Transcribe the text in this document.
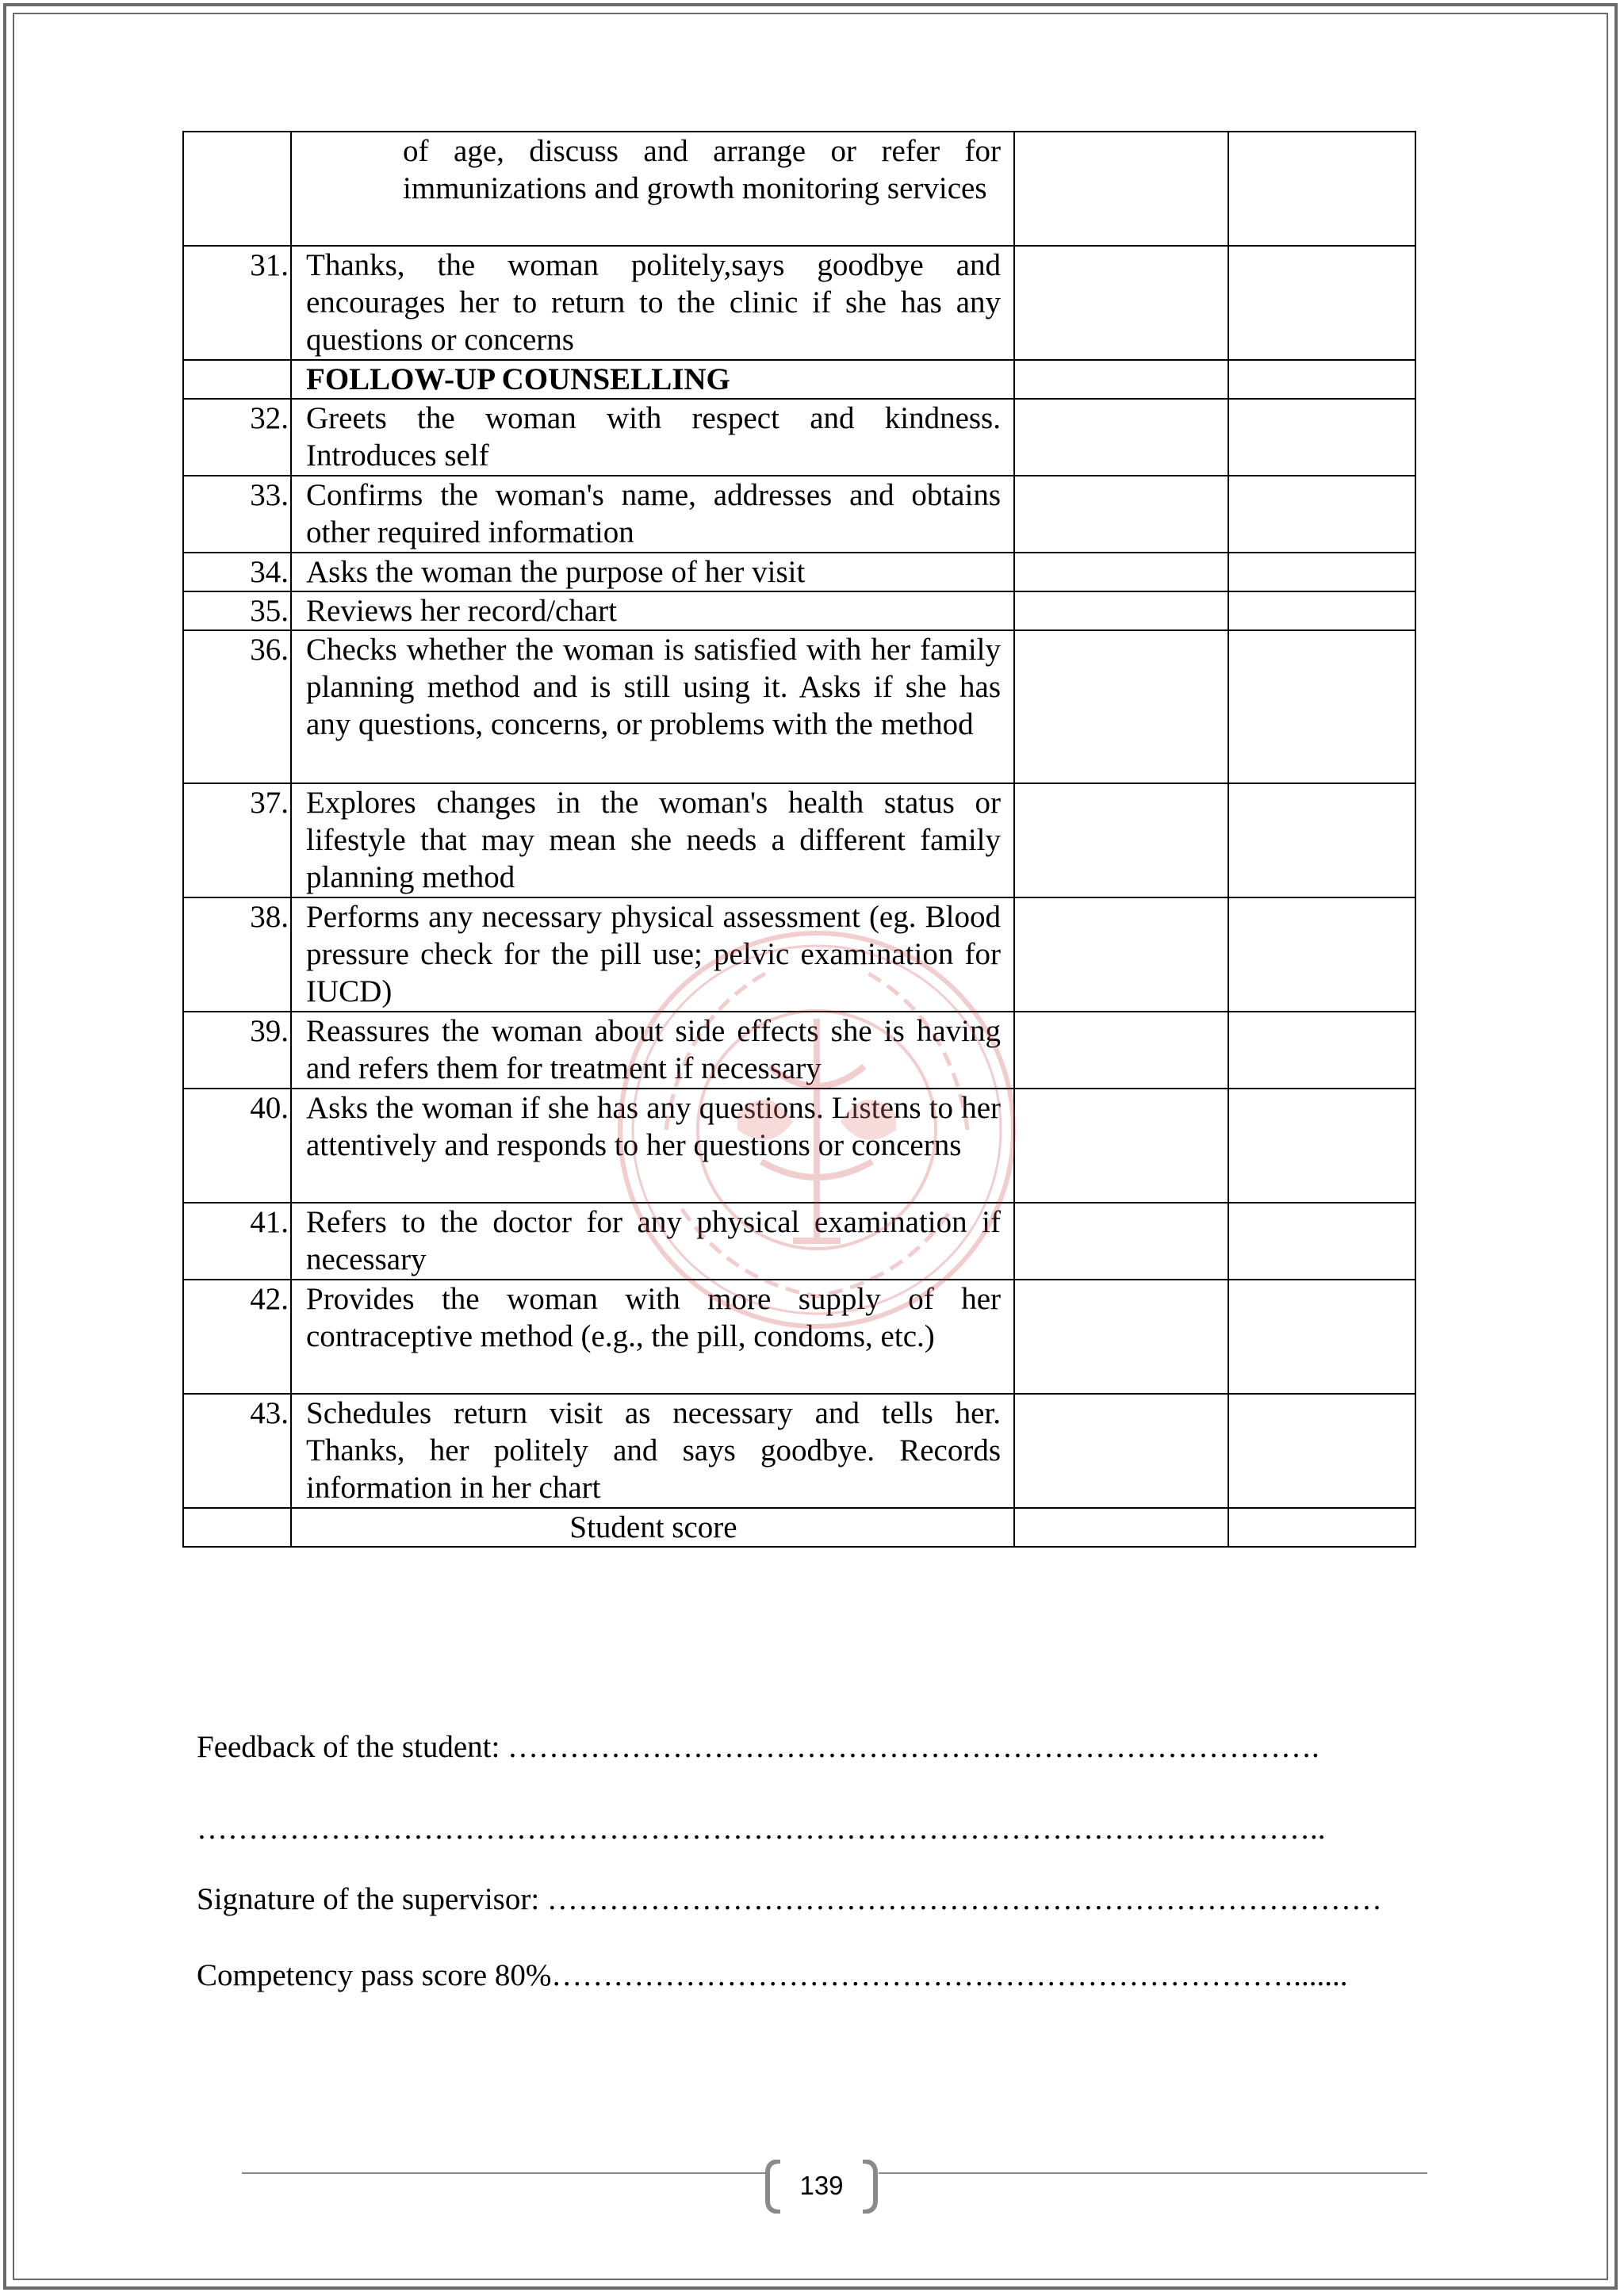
	of age, discuss and arrange or refer for immunizations and growth monitoring services		
31.	Thanks, the woman politely,says goodbye and encourages her to return to the clinic if she has any questions or concerns		
	FOLLOW-UP COUNSELLING		
32.	Greets the woman with respect and kindness. Introduces self		
33.	Confirms the woman's name, addresses and obtains other required information		
34.	Asks the woman the purpose of her visit		
35.	Reviews her record/chart		
36.	Checks whether the woman is satisfied with her family planning method and is still using it. Asks if she has any questions, concerns, or problems with the method		
37.	Explores changes in the woman's health status or lifestyle that may mean she needs a different family planning method		
38.	Performs any necessary physical assessment (eg. Blood pressure check for the pill use; pelvic examination for IUCD)		
39.	Reassures the woman about side effects she is having and refers them for treatment if necessary		
40.	Asks the woman if she has any questions. Listens to her attentively and responds to her questions or concerns		
41.	Refers to the doctor for any physical examination if necessary		
42.	Provides the woman with more supply of her contraceptive method (e.g., the pill, condoms, etc.)		
43.	Schedules return visit as necessary and tells her. Thanks, her politely and says goodbye. Records information in her chart		
	Student score		
Feedback of the student: …………………………………………………………………….
………………………………………………………………………………………………..
Signature of the supervisor: ………………………………………………………………………
Competency pass score 80%……………………………………………………………….......
139
